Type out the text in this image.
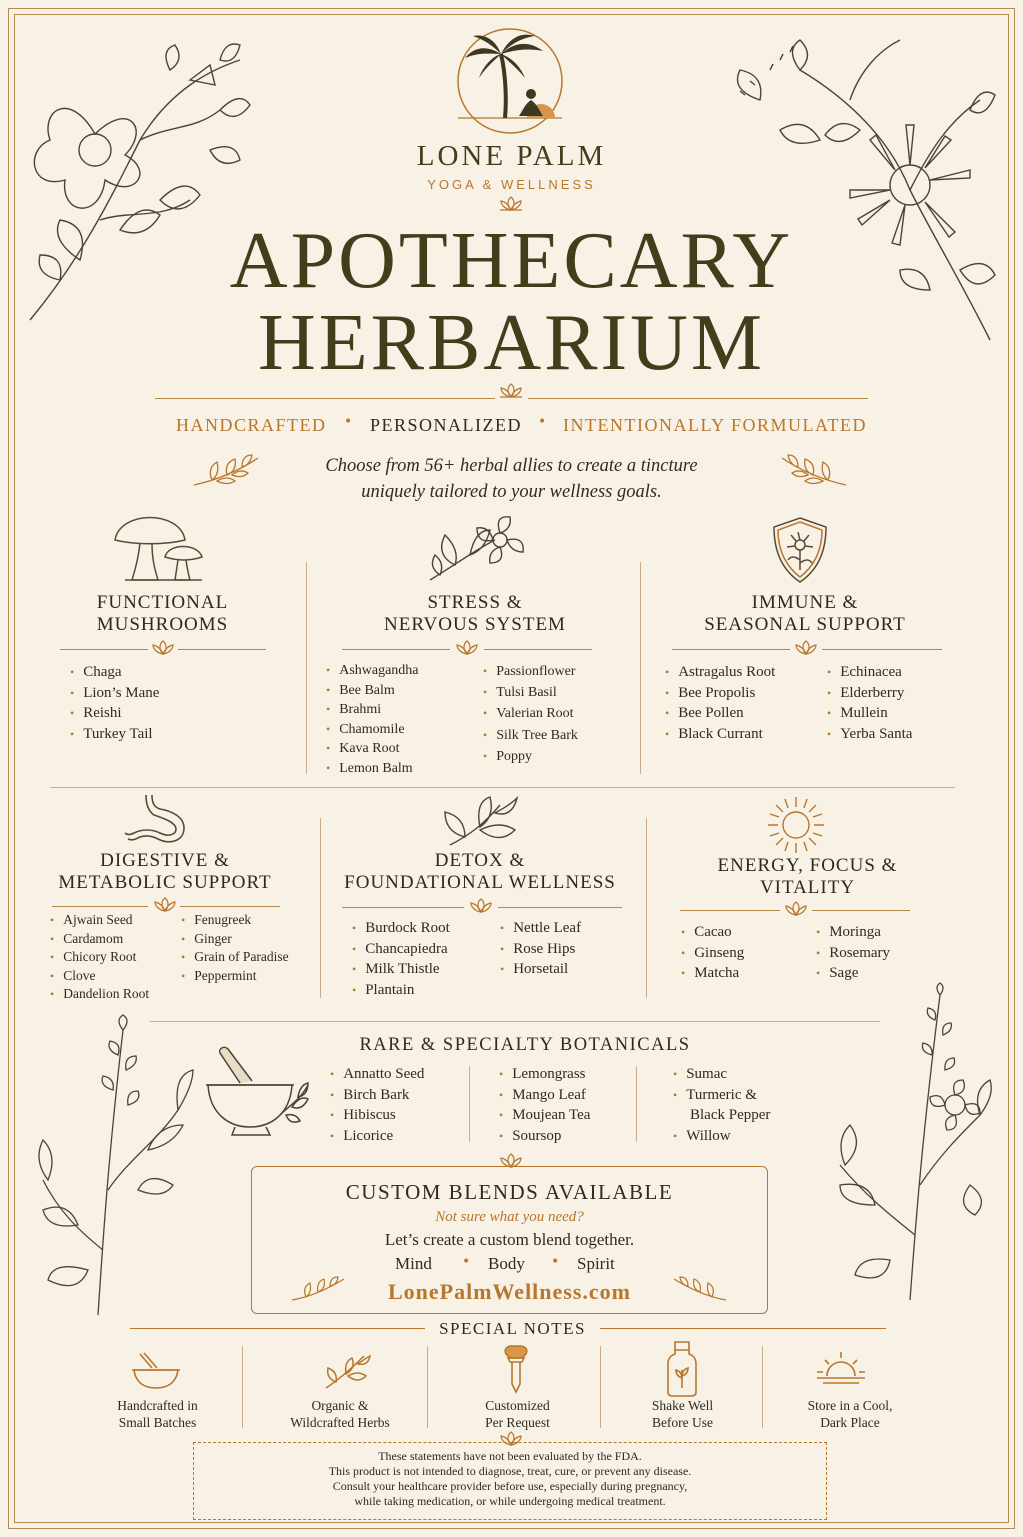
LONE PALM
YOGA & WELLNESS
APOTHECARY
HERBARIUM
HANDCRAFTED • PERSONALIZED • INTENTIONALLY FORMULATED
Choose from 56+ herbal allies to create a tincture
uniquely tailored to your wellness goals.
FUNCTIONAL
MUSHROOMS
STRESS &
NERVOUS SYSTEM
IMMUNE &
SEASONAL SUPPORT
• Chaga
• Lion’s Mane
• Reishi
• Turkey Tail
• Ashwagandha
• Bee Balm
• Brahmi
• Chamomile
• Kava Root
• Lemon Balm
• Passionflower
• Tulsi Basil
• Valerian Root
• Silk Tree Bark
• Poppy
• Astragalus Root
• Bee Propolis
• Bee Pollen
• Black Currant
• Echinacea
• Elderberry
• Mullein
• Yerba Santa
DIGESTIVE &
METABOLIC SUPPORT
DETOX &
FOUNDATIONAL WELLNESS
ENERGY, FOCUS &
VITALITY
• Ajwain Seed
• Cardamom
• Chicory Root
• Clove
• Dandelion Root
• Fenugreek
• Ginger
• Grain of Paradise
• Peppermint
• Burdock Root
• Chancapiedra
• Milk Thistle
• Plantain
• Nettle Leaf
• Rose Hips
• Horsetail
• Cacao
• Ginseng
• Matcha
• Moringa
• Rosemary
• Sage
RARE & SPECIALTY BOTANICALS
• Annatto Seed
• Birch Bark
• Hibiscus
• Licorice
• Lemongrass
• Mango Leaf
• Moujean Tea
• Soursop
• Sumac
• Turmeric &
Black Pepper
• Willow
CUSTOM BLENDS AVAILABLE
Not sure what you need?
Let’s create a custom blend together.
Mind • Body • Spirit
LonePalmWellness.com
SPECIAL NOTES
Handcrafted in
Small Batches
Organic &
Wildcrafted Herbs
Customized
Per Request
Shake Well
Before Use
Store in a Cool,
Dark Place
These statements have not been evaluated by the FDA.
This product is not intended to diagnose, treat, cure, or prevent any disease.
Consult your healthcare provider before use, especially during pregnancy,
while taking medication, or while undergoing medical treatment.
